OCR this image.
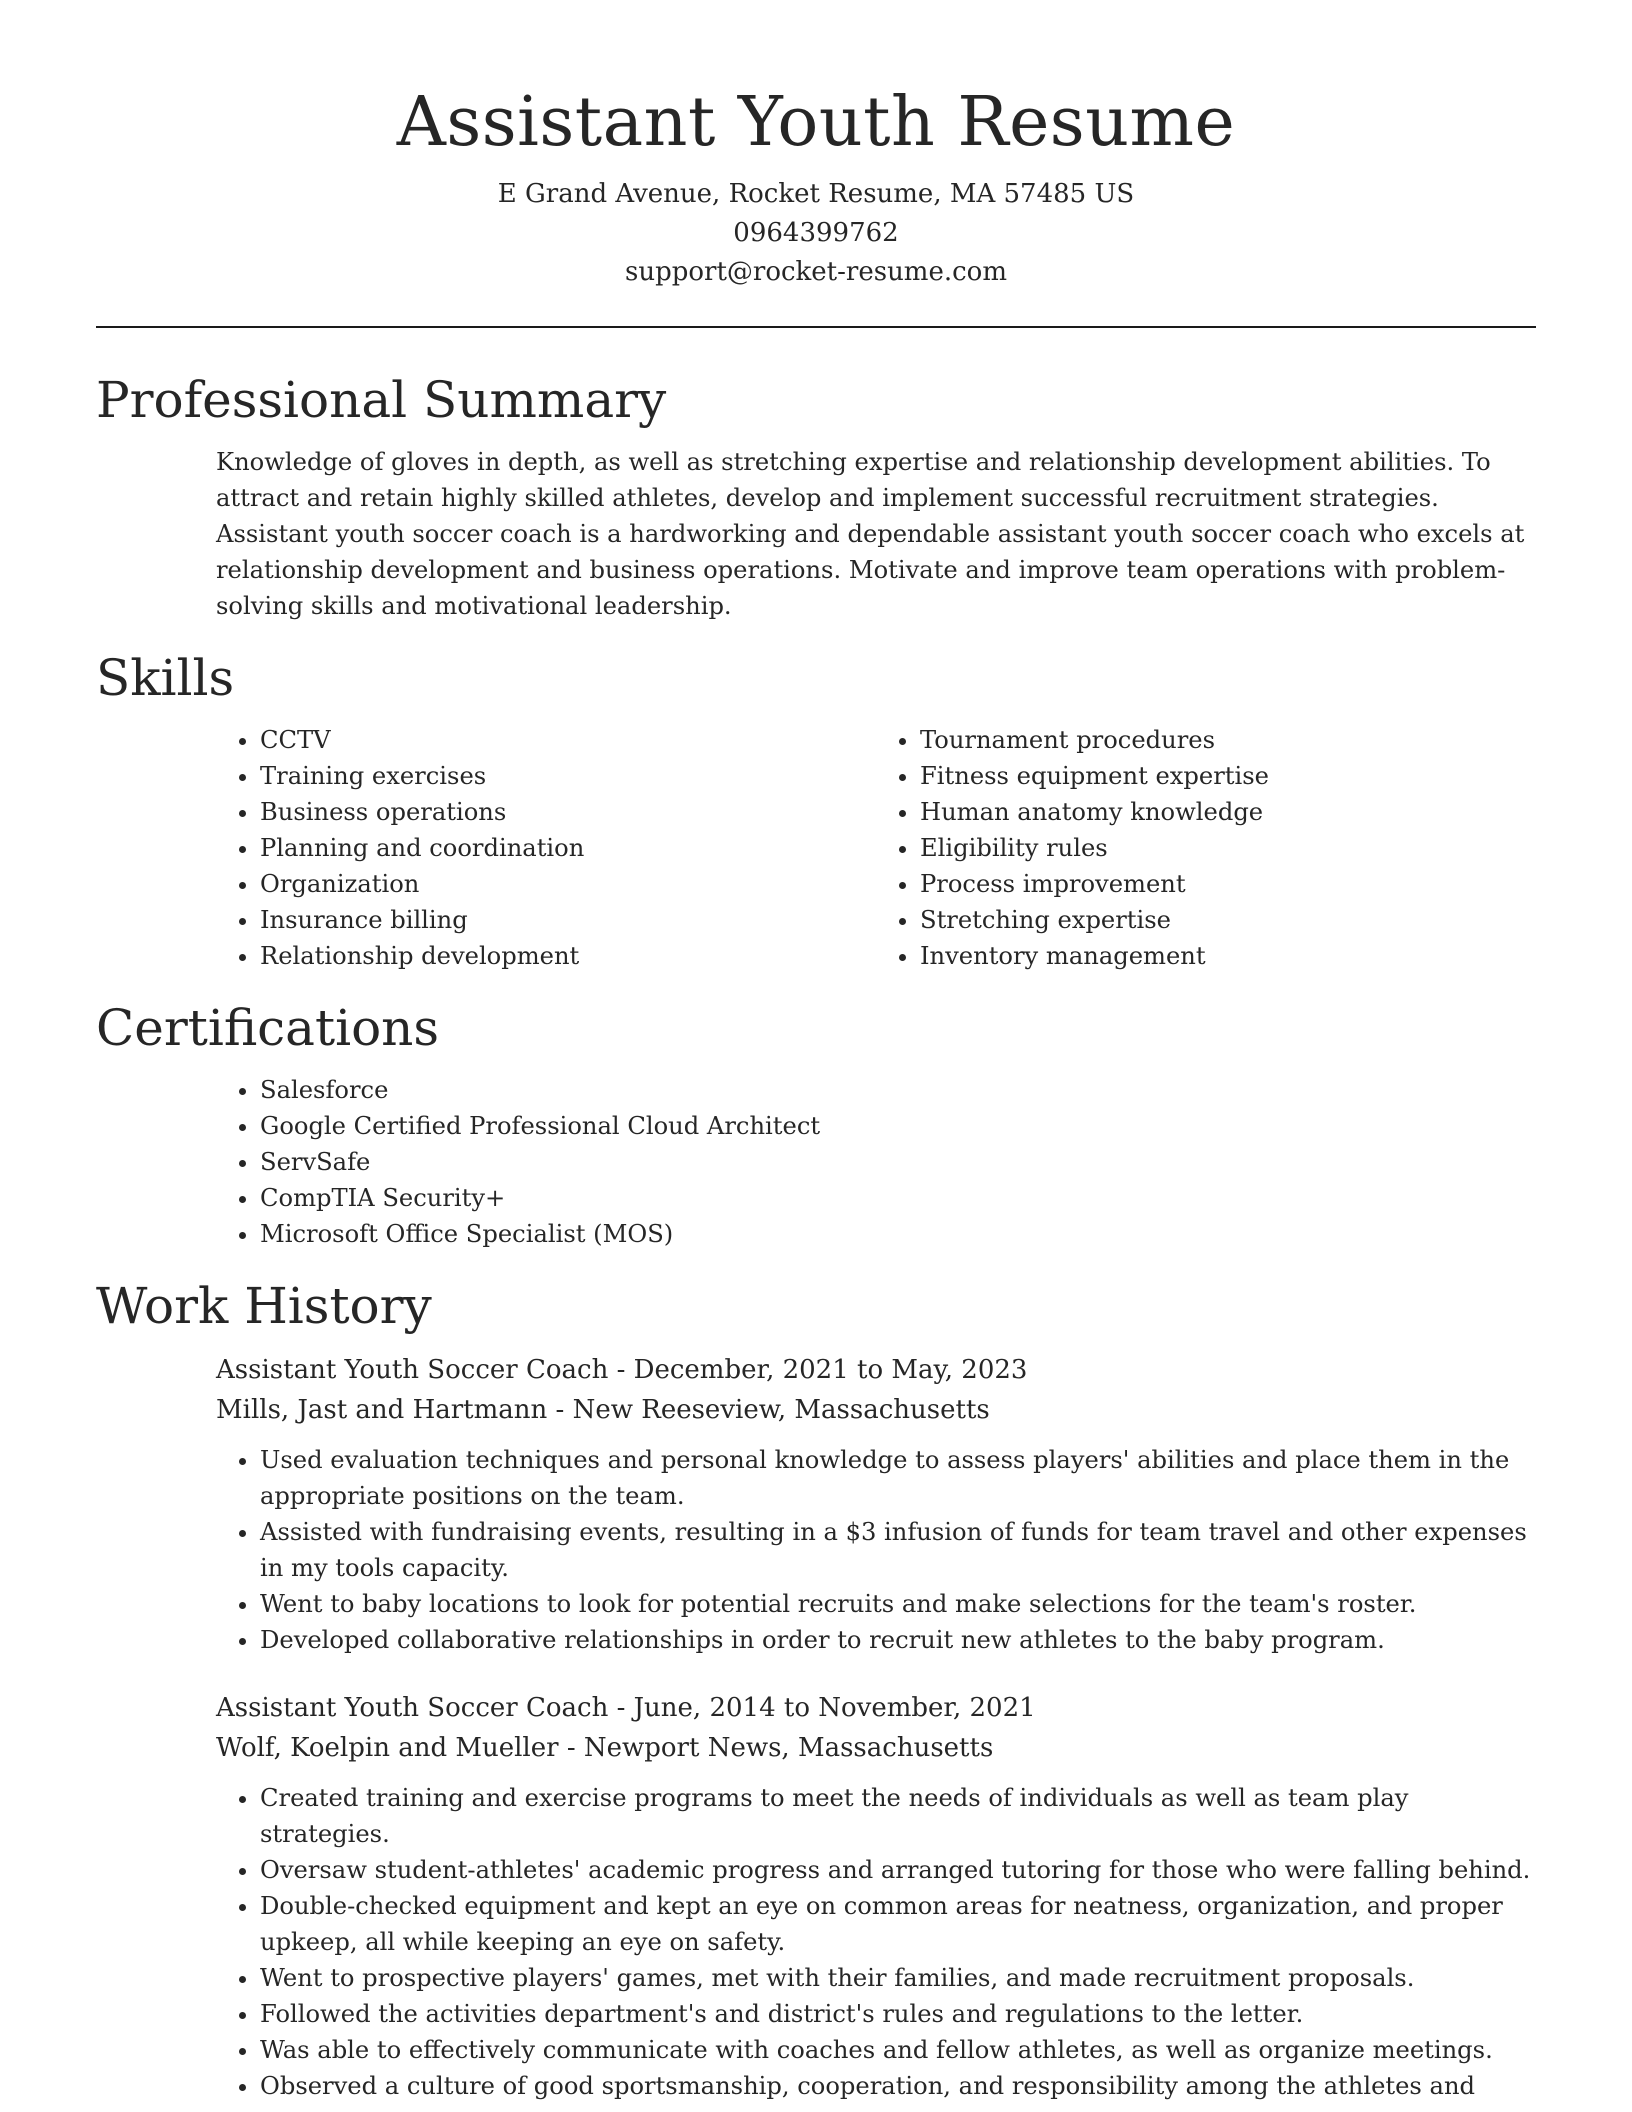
Assistant Youth Resume
E Grand Avenue, Rocket Resume, MA 57485 US
0964399762
support@rocket-resume.com
Professional Summary
Knowledge of gloves in depth, as well as stretching expertise and relationship development abilities. To attract and retain highly skilled athletes, develop and implement successful recruitment strategies. Assistant youth soccer coach is a hardworking and dependable assistant youth soccer coach who excels at relationship development and business operations. Motivate and improve team operations with problem-solving skills and motivational leadership.
Skills
• CCTV
• Training exercises
• Business operations
• Planning and coordination
• Organization
• Insurance billing
• Relationship development
• Tournament procedures
• Fitness equipment expertise
• Human anatomy knowledge
• Eligibility rules
• Process improvement
• Stretching expertise
• Inventory management
Certifications
• Salesforce
• Google Certified Professional Cloud Architect
• ServSafe
• CompTIA Security+
• Microsoft Office Specialist (MOS)
Work History
Assistant Youth Soccer Coach - December, 2021 to May, 2023
Mills, Jast and Hartmann - New Reeseview, Massachusetts
• Used evaluation techniques and personal knowledge to assess players' abilities and place them in the appropriate positions on the team.
• Assisted with fundraising events, resulting in a $3 infusion of funds for team travel and other expenses in my tools capacity.
• Went to baby locations to look for potential recruits and make selections for the team's roster.
• Developed collaborative relationships in order to recruit new athletes to the baby program.
Assistant Youth Soccer Coach - June, 2014 to November, 2021
Wolf, Koelpin and Mueller - Newport News, Massachusetts
• Created training and exercise programs to meet the needs of individuals as well as team play strategies.
• Oversaw student-athletes' academic progress and arranged tutoring for those who were falling behind.
• Double-checked equipment and kept an eye on common areas for neatness, organization, and proper upkeep, all while keeping an eye on safety.
• Went to prospective players' games, met with their families, and made recruitment proposals.
• Followed the activities department's and district's rules and regulations to the letter.
• Was able to effectively communicate with coaches and fellow athletes, as well as organize meetings.
• Observed a culture of good sportsmanship, cooperation, and responsibility among the athletes and
